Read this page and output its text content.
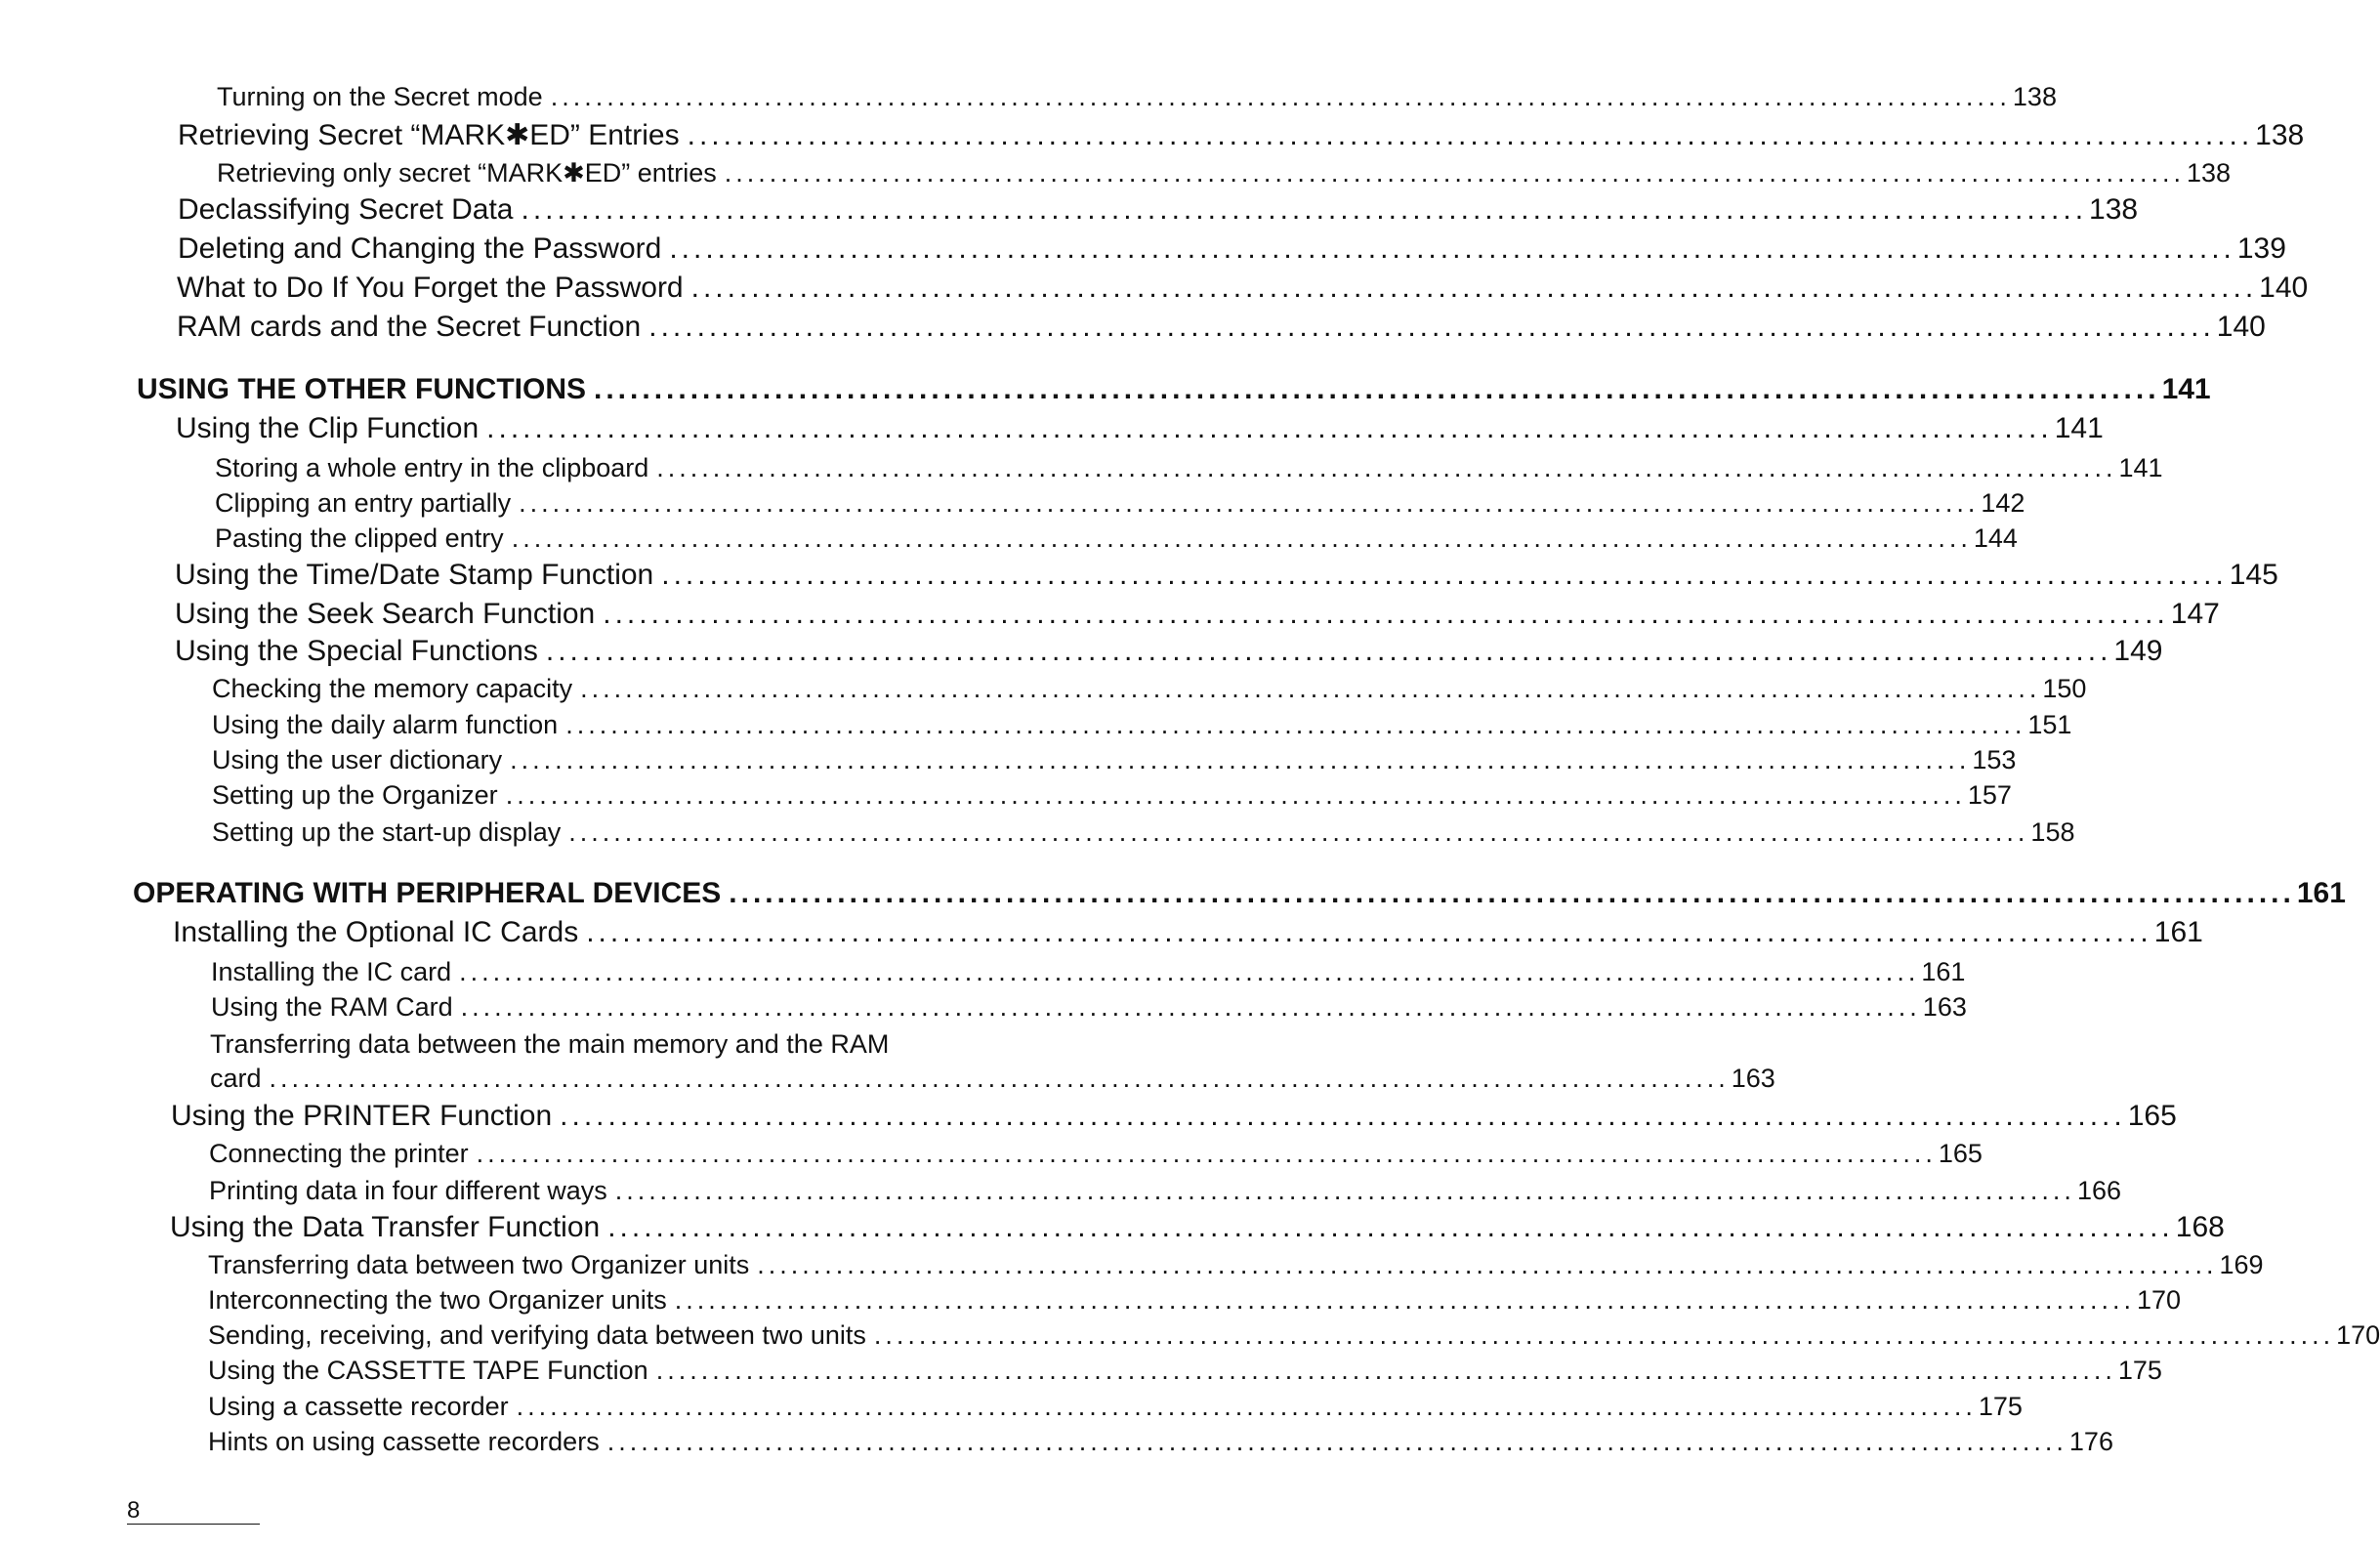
Turning on the Secret mode .................................................................................................................................. 138
Retrieving Secret “MARK✱ED” Entries .................................................................................................................................. 138
Retrieving only secret “MARK✱ED” entries .................................................................................................................................. 138
Declassifying Secret Data .................................................................................................................................. 138
Deleting and Changing the Password .................................................................................................................................. 139
What to Do If You Forget the Password .................................................................................................................................. 140
RAM cards and the Secret Function .................................................................................................................................. 140
USING THE OTHER FUNCTIONS .................................................................................................................................. 141
Using the Clip Function .................................................................................................................................. 141
Storing a whole entry in the clipboard .................................................................................................................................. 141
Clipping an entry partially .................................................................................................................................. 142
Pasting the clipped entry .................................................................................................................................. 144
Using the Time/Date Stamp Function .................................................................................................................................. 145
Using the Seek Search Function .................................................................................................................................. 147
Using the Special Functions .................................................................................................................................. 149
Checking the memory capacity .................................................................................................................................. 150
Using the daily alarm function .................................................................................................................................. 151
Using the user dictionary .................................................................................................................................. 153
Setting up the Organizer .................................................................................................................................. 157
Setting up the start-up display .................................................................................................................................. 158
OPERATING WITH PERIPHERAL DEVICES .................................................................................................................................. 161
Installing the Optional IC Cards .................................................................................................................................. 161
Installing the IC card .................................................................................................................................. 161
Using the RAM Card .................................................................................................................................. 163
Transferring data between the main memory and the RAM
card .................................................................................................................................. 163
Using the PRINTER Function .................................................................................................................................. 165
Connecting the printer .................................................................................................................................. 165
Printing data in four different ways .................................................................................................................................. 166
Using the Data Transfer Function .................................................................................................................................. 168
Transferring data between two Organizer units .................................................................................................................................. 169
Interconnecting the two Organizer units .................................................................................................................................. 170
Sending, receiving, and verifying data between two units .................................................................................................................................. 170
Using the CASSETTE TAPE Function .................................................................................................................................. 175
Using a cassette recorder .................................................................................................................................. 175
Hints on using cassette recorders .................................................................................................................................. 176
8
